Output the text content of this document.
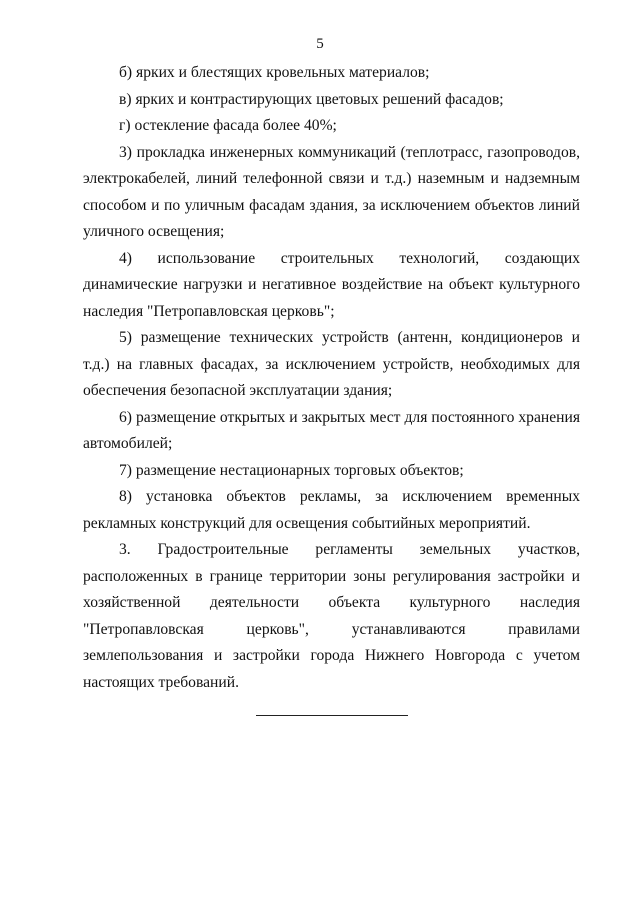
5

б) ярких и блестящих кровельных материалов;

в) ярких и контрастирующих цветовых решений фасадов;

г) остекление фасада более 40%;

3) прокладка инженерных коммуникаций (теплотрасс, газопроводов, электрокабелей, линий телефонной связи и т.д.) наземным и надземным способом и по уличным фасадам здания, за исключением объектов линий уличного освещения;

4) использование строительных технологий, создающих динамические нагрузки и негативное воздействие на объект культурного наследия "Петропавловская церковь";

5) размещение технических устройств (антенн, кондиционеров и т.д.) на главных фасадах, за исключением устройств, необходимых для обеспечения безопасной эксплуатации здания;

6) размещение открытых и закрытых мест для постоянного хранения автомобилей;

7) размещение нестационарных торговых объектов;

8) установка объектов рекламы, за исключением временных рекламных конструкций для освещения событийных мероприятий.

3. Градостроительные регламенты земельных участков, расположенных в границе территории зоны регулирования застройки и хозяйственной деятельности объекта культурного наследия "Петропавловская церковь", устанавливаются правилами землепользования и застройки города Нижнего Новгорода с учетом настоящих требований.
